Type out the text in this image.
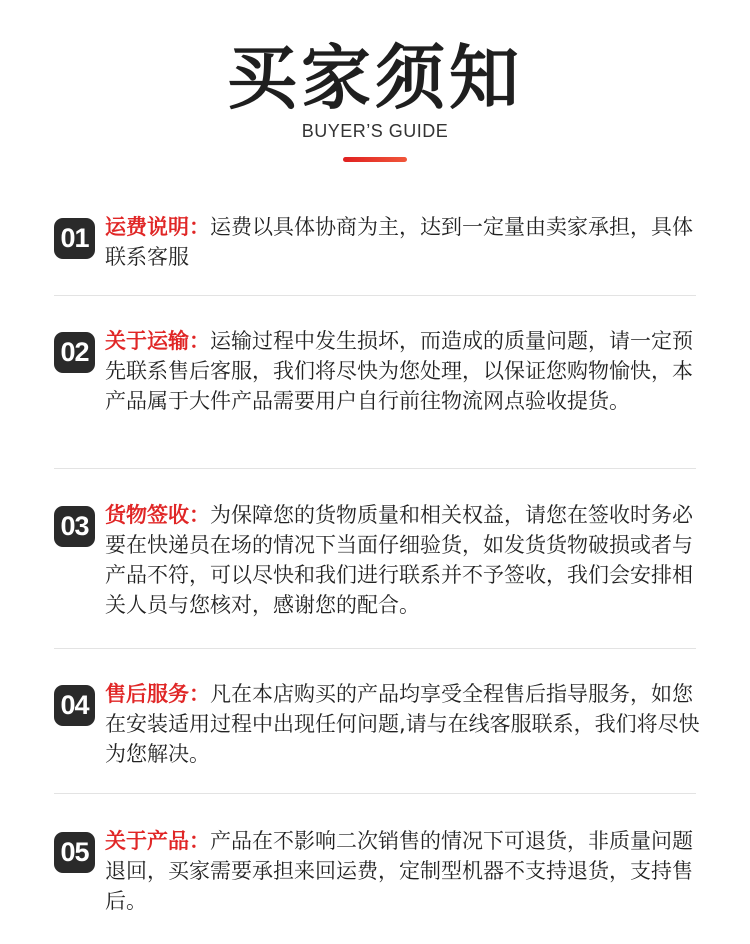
买家须知
BUYER’S GUIDE
01 运费说明：运费以具体协商为主，达到一定量由卖家承担，具体联系客服
02 关于运输：运输过程中发生损坏，而造成的质量问题，请一定预先联系售后客服，我们将尽快为您处理，以保证您购物愉快，本产品属于大件产品需要用户自行前往物流网点验收提货。
03 货物签收：为保障您的货物质量和相关权益，请您在签收时务必要在快递员在场的情况下当面仔细验货，如发货货物破损或者与产品不符，可以尽快和我们进行联系并不予签收，我们会安排相关人员与您核对，感谢您的配合。
04 售后服务：凡在本店购买的产品均享受全程售后指导服务，如您在安装适用过程中出现任何问题,请与在线客服联系，我们将尽快为您解决。
05 关于产品：产品在不影响二次销售的情况下可退货，非质量问题退回，买家需要承担来回运费，定制型机器不支持退货，支持售后。
